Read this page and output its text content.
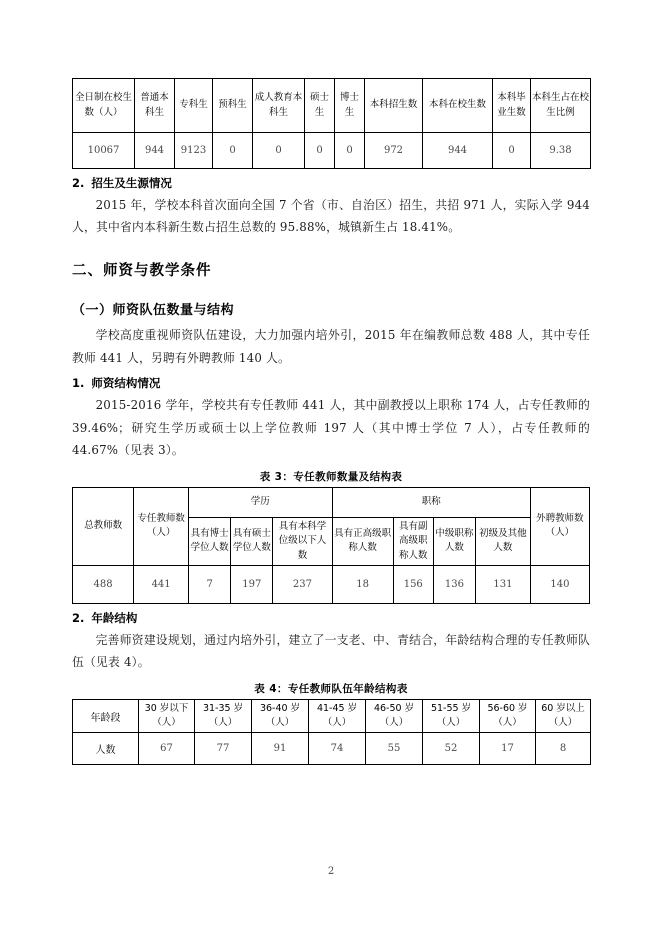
全日制在校生数（人）	普通本科生	专科生	预科生	成人教育本科生	硕士生	博士生	本科招生数	本科在校生数	本科毕业生数	本科生占在校生比例
10067	944	9123	0	0	0	0	972	944	0	9.38
2. 招生及生源情况

2015 年，学校本科首次面向全国 7 个省（市、自治区）招生，共招 971 人，实际入学 944 人，其中省内本科新生数占招生总数的 95.88%，城镇新生占 18.41%。

二、师资与教学条件
（一）师资队伍数量与结构

学校高度重视师资队伍建设，大力加强内培外引，2015 年在编教师总数 488 人，其中专任教师 441 人，另聘有外聘教师 140 人。

1. 师资结构情况

2015-2016 学年，学校共有专任教师 441 人，其中副教授以上职称 174 人，占专任教师的 39.46%；研究生学历或硕士以上学位教师 197 人（其中博士学位 7 人），占专任教师的 44.67%（见表 3）。

表 3：专任教师数量及结构表
总教师数	专任教师数（人）	学历			职称				外聘教师数（人）
		具有博士学位人数	具有硕士学位人数	具有本科学位级以下人数	具有正高级职称人数	具有副高级职称人数	中级职称人数	初级及其他人数	
488	441	7	197	237	18	156	136	131	140
2. 年龄结构

完善师资建设规划，通过内培外引，建立了一支老、中、青结合，年龄结构合理的专任教师队伍（见表 4）。

表 4：专任教师队伍年龄结构表
年龄段	30 岁以下（人）	31-35 岁（人）	36-40 岁（人）	41-45 岁（人）	46-50 岁（人）	51-55 岁（人）	56-60 岁（人）	60 岁以上（人）
人数	67	77	91	74	55	52	17	8
2
